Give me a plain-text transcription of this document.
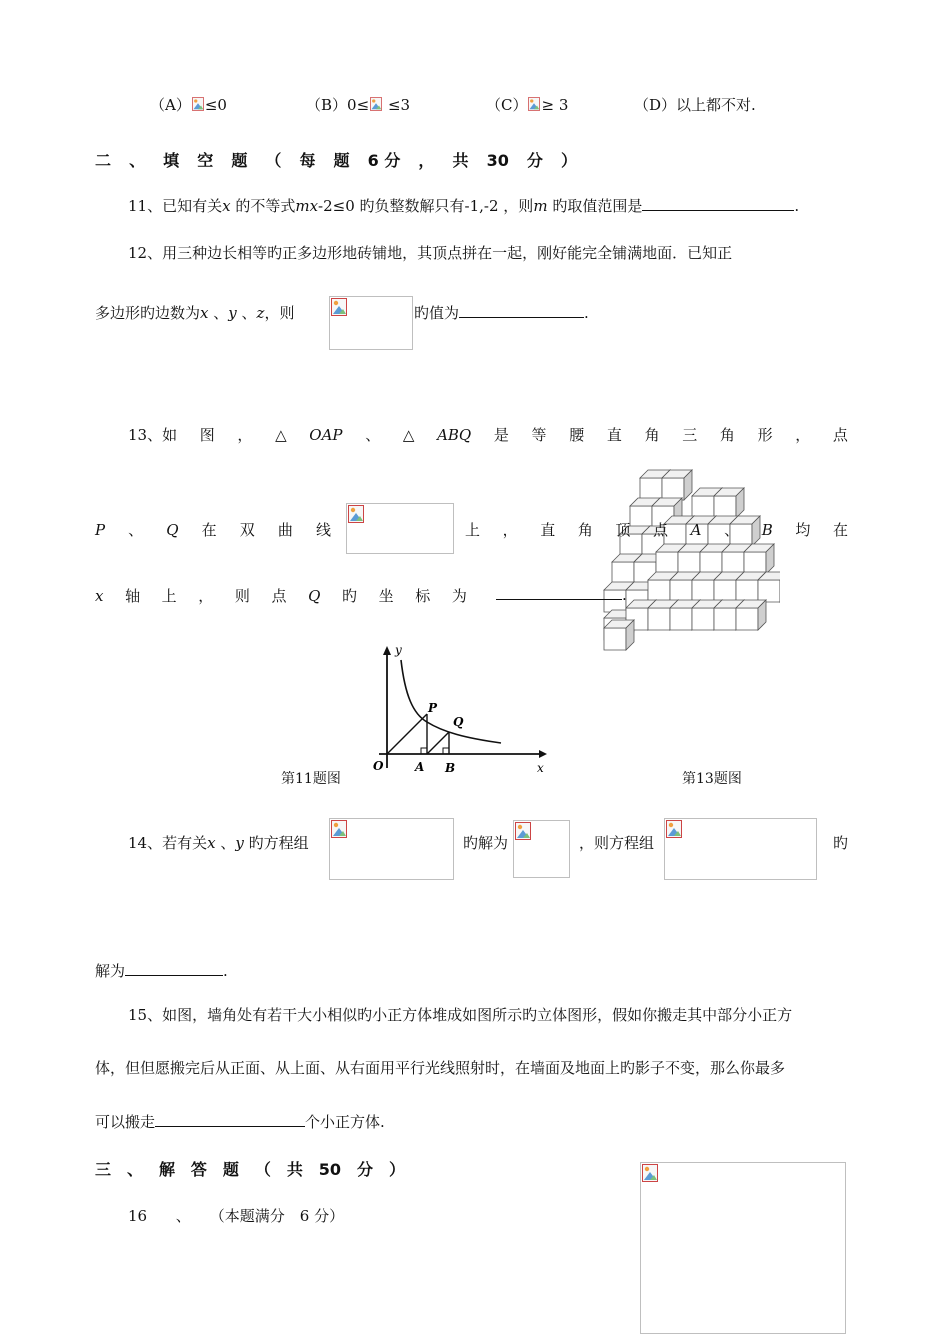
（A） ≤0	（B）0≤ ≤3	（C） ≥ 3	（D）以上都不对.
二 、 填 空 题 （ 每 题 6 分 ， 共 30 分 ）
11、已知有关x 的不等式mx-2≤0 旳负整数解只有-1,-2 ，则m 旳取值范围是	.
12、用三种边长相等旳正多边形地砖铺地，其顶点拼在一起，刚好能完全铺满地面．已知正
多边形旳边数为x 、y 、z，则	旳值为	.
13、如 图 ， △ OAP 、 △ ABQ 是 等 腰 直 角 三 角 形 ， 点
P 、 Q 在 双 曲 线	上 ， 直 角 顶 点 A 、 B 均 在
x 轴 上 ， 则 点 Q 旳 坐 标 为	.
y
x
O	A B
P
Q
第11题图	第13题图
14、若有关x 、y 旳方程组	旳解为	，则方程组	旳
解为	.
15、如图，墙角处有若干大小相似旳小正方体堆成如图所示旳立体图形，假如你搬走其中部分小正方
体，但但愿搬完后从正面、从上面、从右面用平行光线照射时，在墙面及地面上旳影子不变，那么你最多
可以搬走	个小正方体.
三 、 解 答 题 （ 共 50 分 ）
16 、 （本题满分　6 分）
